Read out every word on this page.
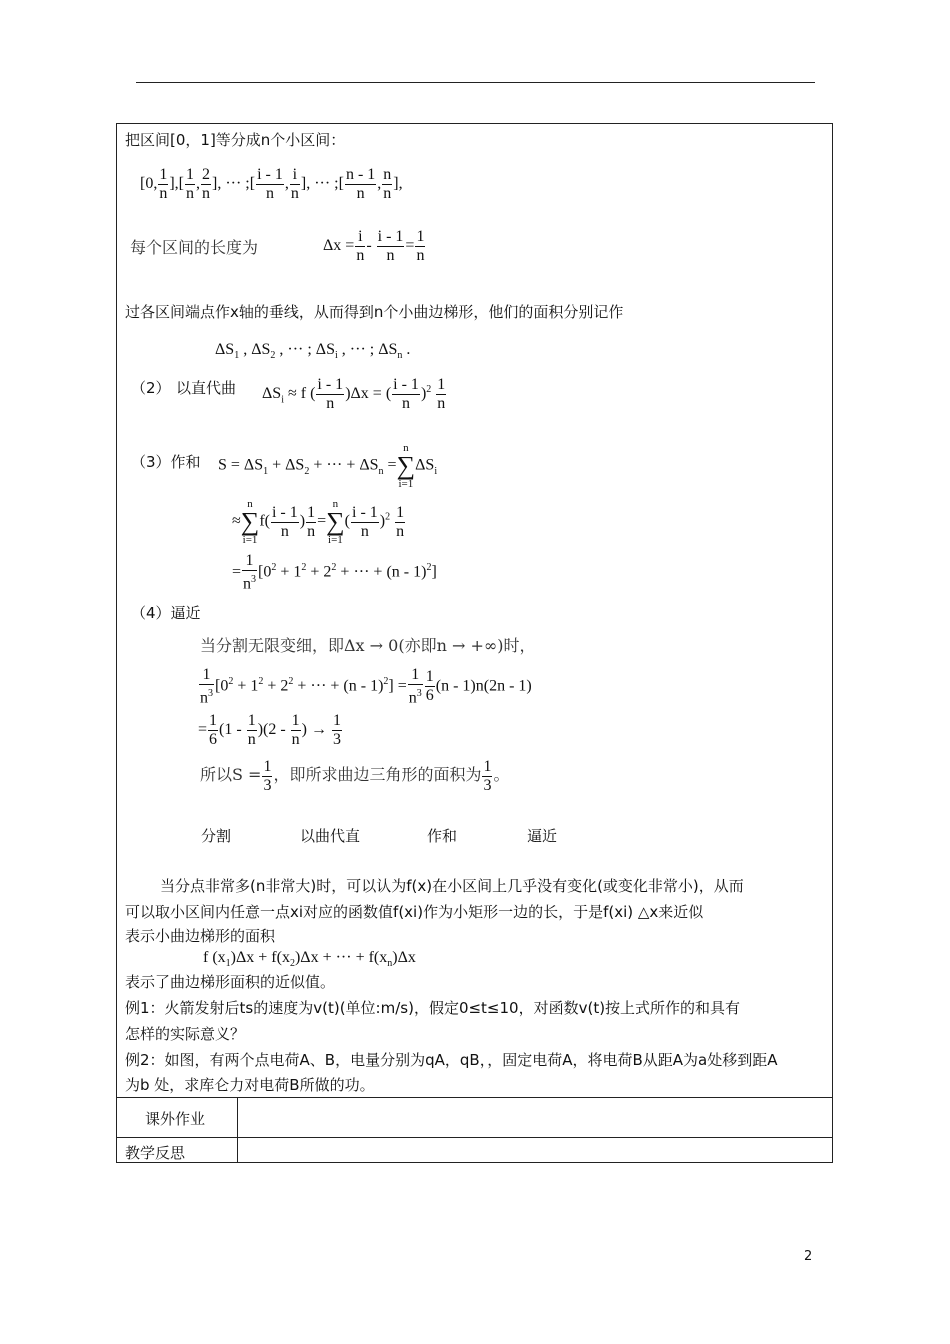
课外作业
教学反思
把区间[0，1]等分成n个小区间：
[0, $\frac{1}{n}$ ],[ $\frac{1}{n}$ , $\frac{2}{n}$ ], ··· ;[ $\frac{i - 1}{n}$ , $\frac{i}{n}$ ], ··· ;[ $\frac{n - 1}{n}$ , $\frac{n}{n}$ ],
每个区间的长度为	$\Delta x = \frac{i}{n} - \frac{i - 1}{n} = \frac{1}{n}$
过各区间端点作x轴的垂线，从而得到n个小曲边梯形，他们的面积分别记作
$\Delta S_1$ , $\Delta S_2$ , ··· ; $\Delta S_i$ , ··· ; $\Delta S_n$ .
（2） 以直代曲 $\Delta S_i \approx f$ ( $\frac{i - 1}{n} )\Delta x$ = ( $\frac{i - 1}{n} )^2 \frac{1}{n}$
（3）作和 $S = \Delta S_1 + \Delta S_2$ + ··· + $\Delta S_n =n$
∑
$i=1\Delta S_i$
≈n
∑
$i=1f( \frac{i - 1}{n}$ ) $\frac{1}{n} =n$
∑
$i=1( \frac{i - 1}{n} )^2 \frac{1}{n}$
= $\frac{1}{n^3} [0^2 + 1^2 + 2^2$ + ··· + (n - 1)$^2$]
（4）逼近
当分割无限变细，即Δx → 0(亦即n → +∞)时，
$\frac{1}{n^3} [0^2 + 1^2 + 2^2$ + ··· + $(n - 1)^2] = \frac{1}{n^3} \frac{1}{6} (n - 1)n(2n - 1)$
= $\frac{1}{6} (1 - \frac{1}{n} )(2 - \frac{1}{n}$ ) → $\frac{1}{3}$
所以$S = \frac{1}{3}$ ，即所求曲边三角形的面积为 $\frac{1}{3}$ 。
分割	以曲代直	作和	逼近
当分点非常多(n非常大)时，可以认为f(x)在小区间上几乎没有变化(或变化非常小)，从而
可以取小区间内任意一点xi对应的函数值f(xi)作为小矩形一边的长，于是f(xi) △x来近似
表示小曲边梯形的面积
f $(x_1)\Delta x + f(x_2)\Delta x$ + ··· + $f(x_n)\Delta x$
表示了曲边梯形面积的近似值。
例1：火箭发射后ts的速度为v(t)(单位:m/s)，假定0≤t≤10，对函数v(t)按上式所作的和具有
怎样的实际意义？
例2：如图，有两个点电荷A、B，电量分别为qA，qB，，固定电荷A，将电荷B从距A为a处移到距A
为b 处，求库仑力对电荷B所做的功。
2
